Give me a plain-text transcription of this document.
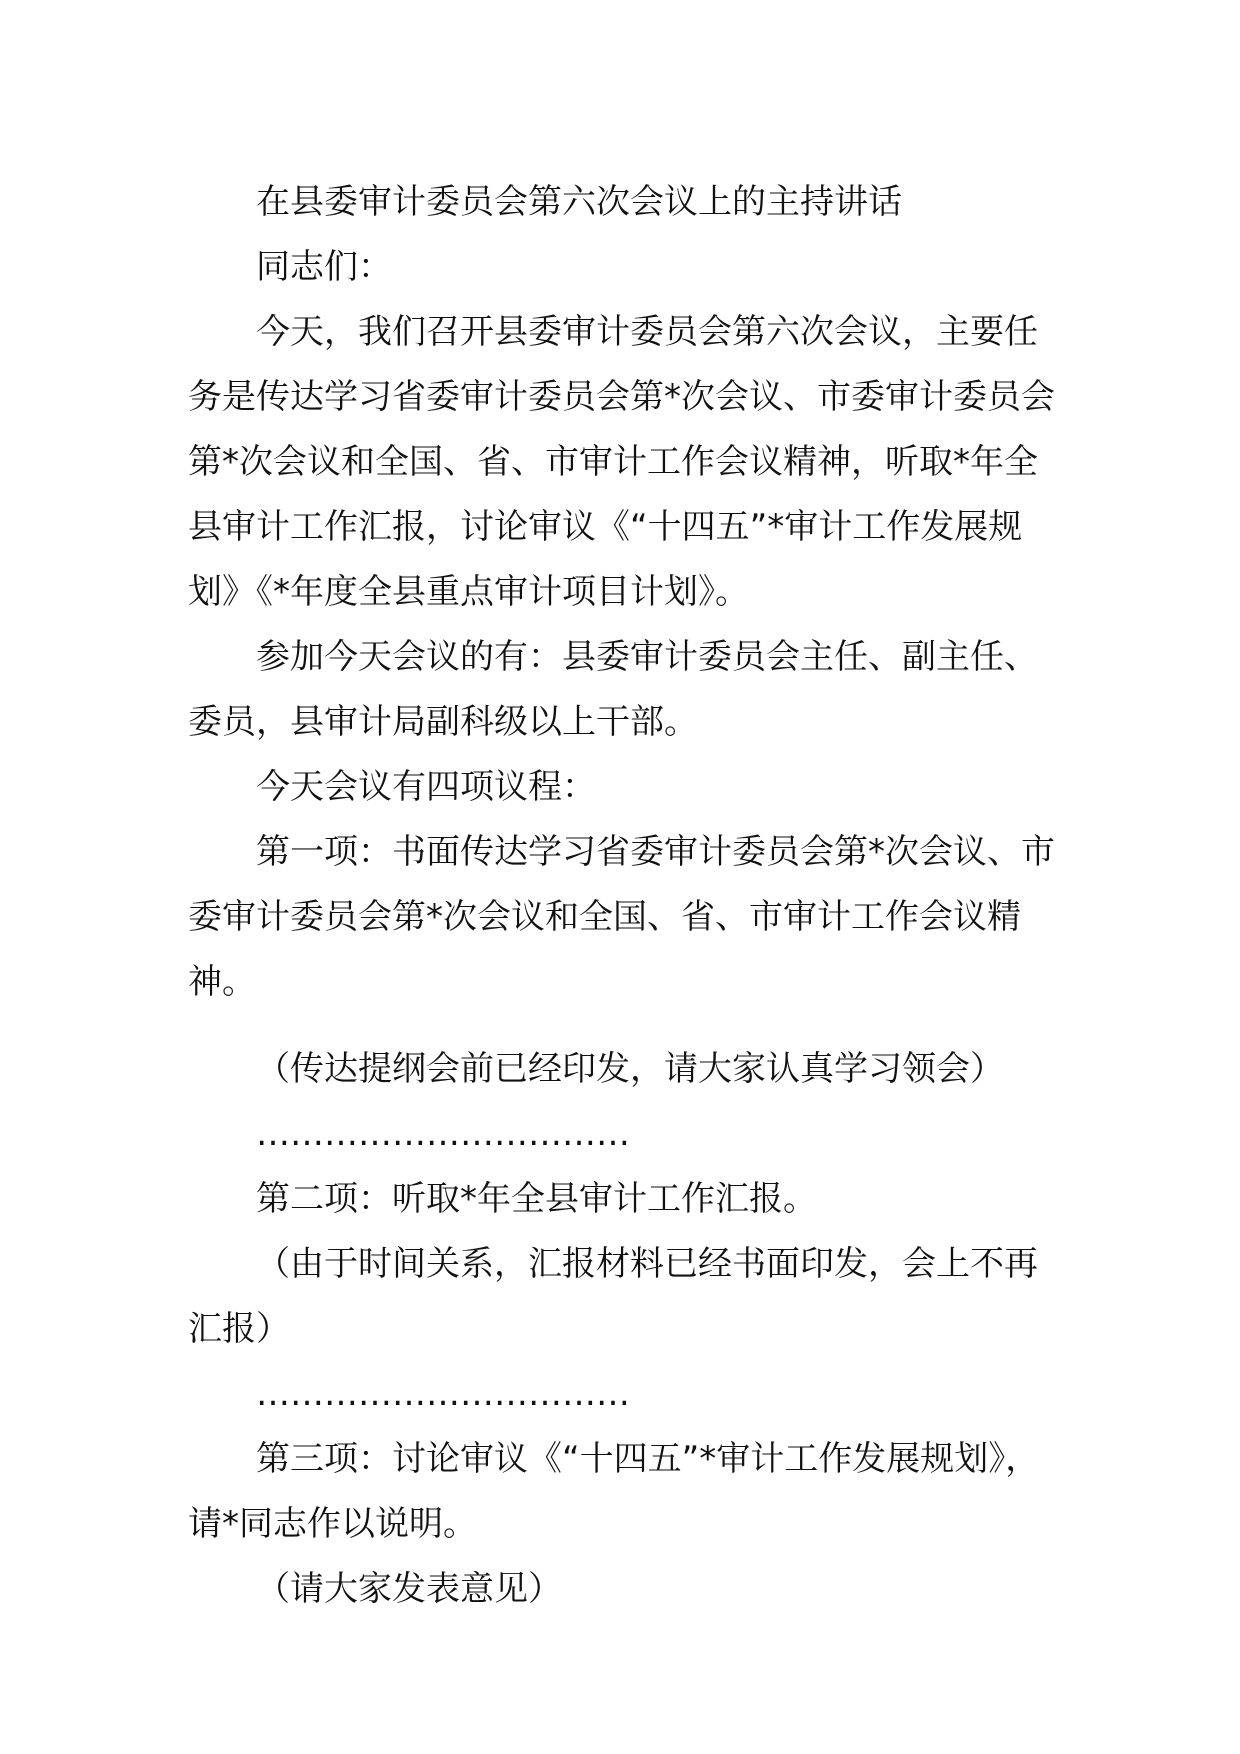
在县委审计委员会第六次会议上的主持讲话

同志们：

今天，我们召开县委审计委员会第六次会议，主要任务是传达学习省委审计委员会第*次会议、市委审计委员会第*次会议和全国、省、市审计工作会议精神，听取*年全县审计工作汇报，讨论审议《“十四五”*审计工作发展规划》《*年度全县重点审计项目计划》。

参加今天会议的有：县委审计委员会主任、副主任、委员，县审计局副科级以上干部。

今天会议有四项议程：

第一项：书面传达学习省委审计委员会第*次会议、市委审计委员会第*次会议和全国、省、市审计工作会议精神。

（传达提纲会前已经印发，请大家认真学习领会）

……………………………

第二项：听取*年全县审计工作汇报。

（由于时间关系，汇报材料已经书面印发，会上不再汇报）

……………………………

第三项：讨论审议《“十四五”*审计工作发展规划》，请*同志作以说明。

（请大家发表意见）
